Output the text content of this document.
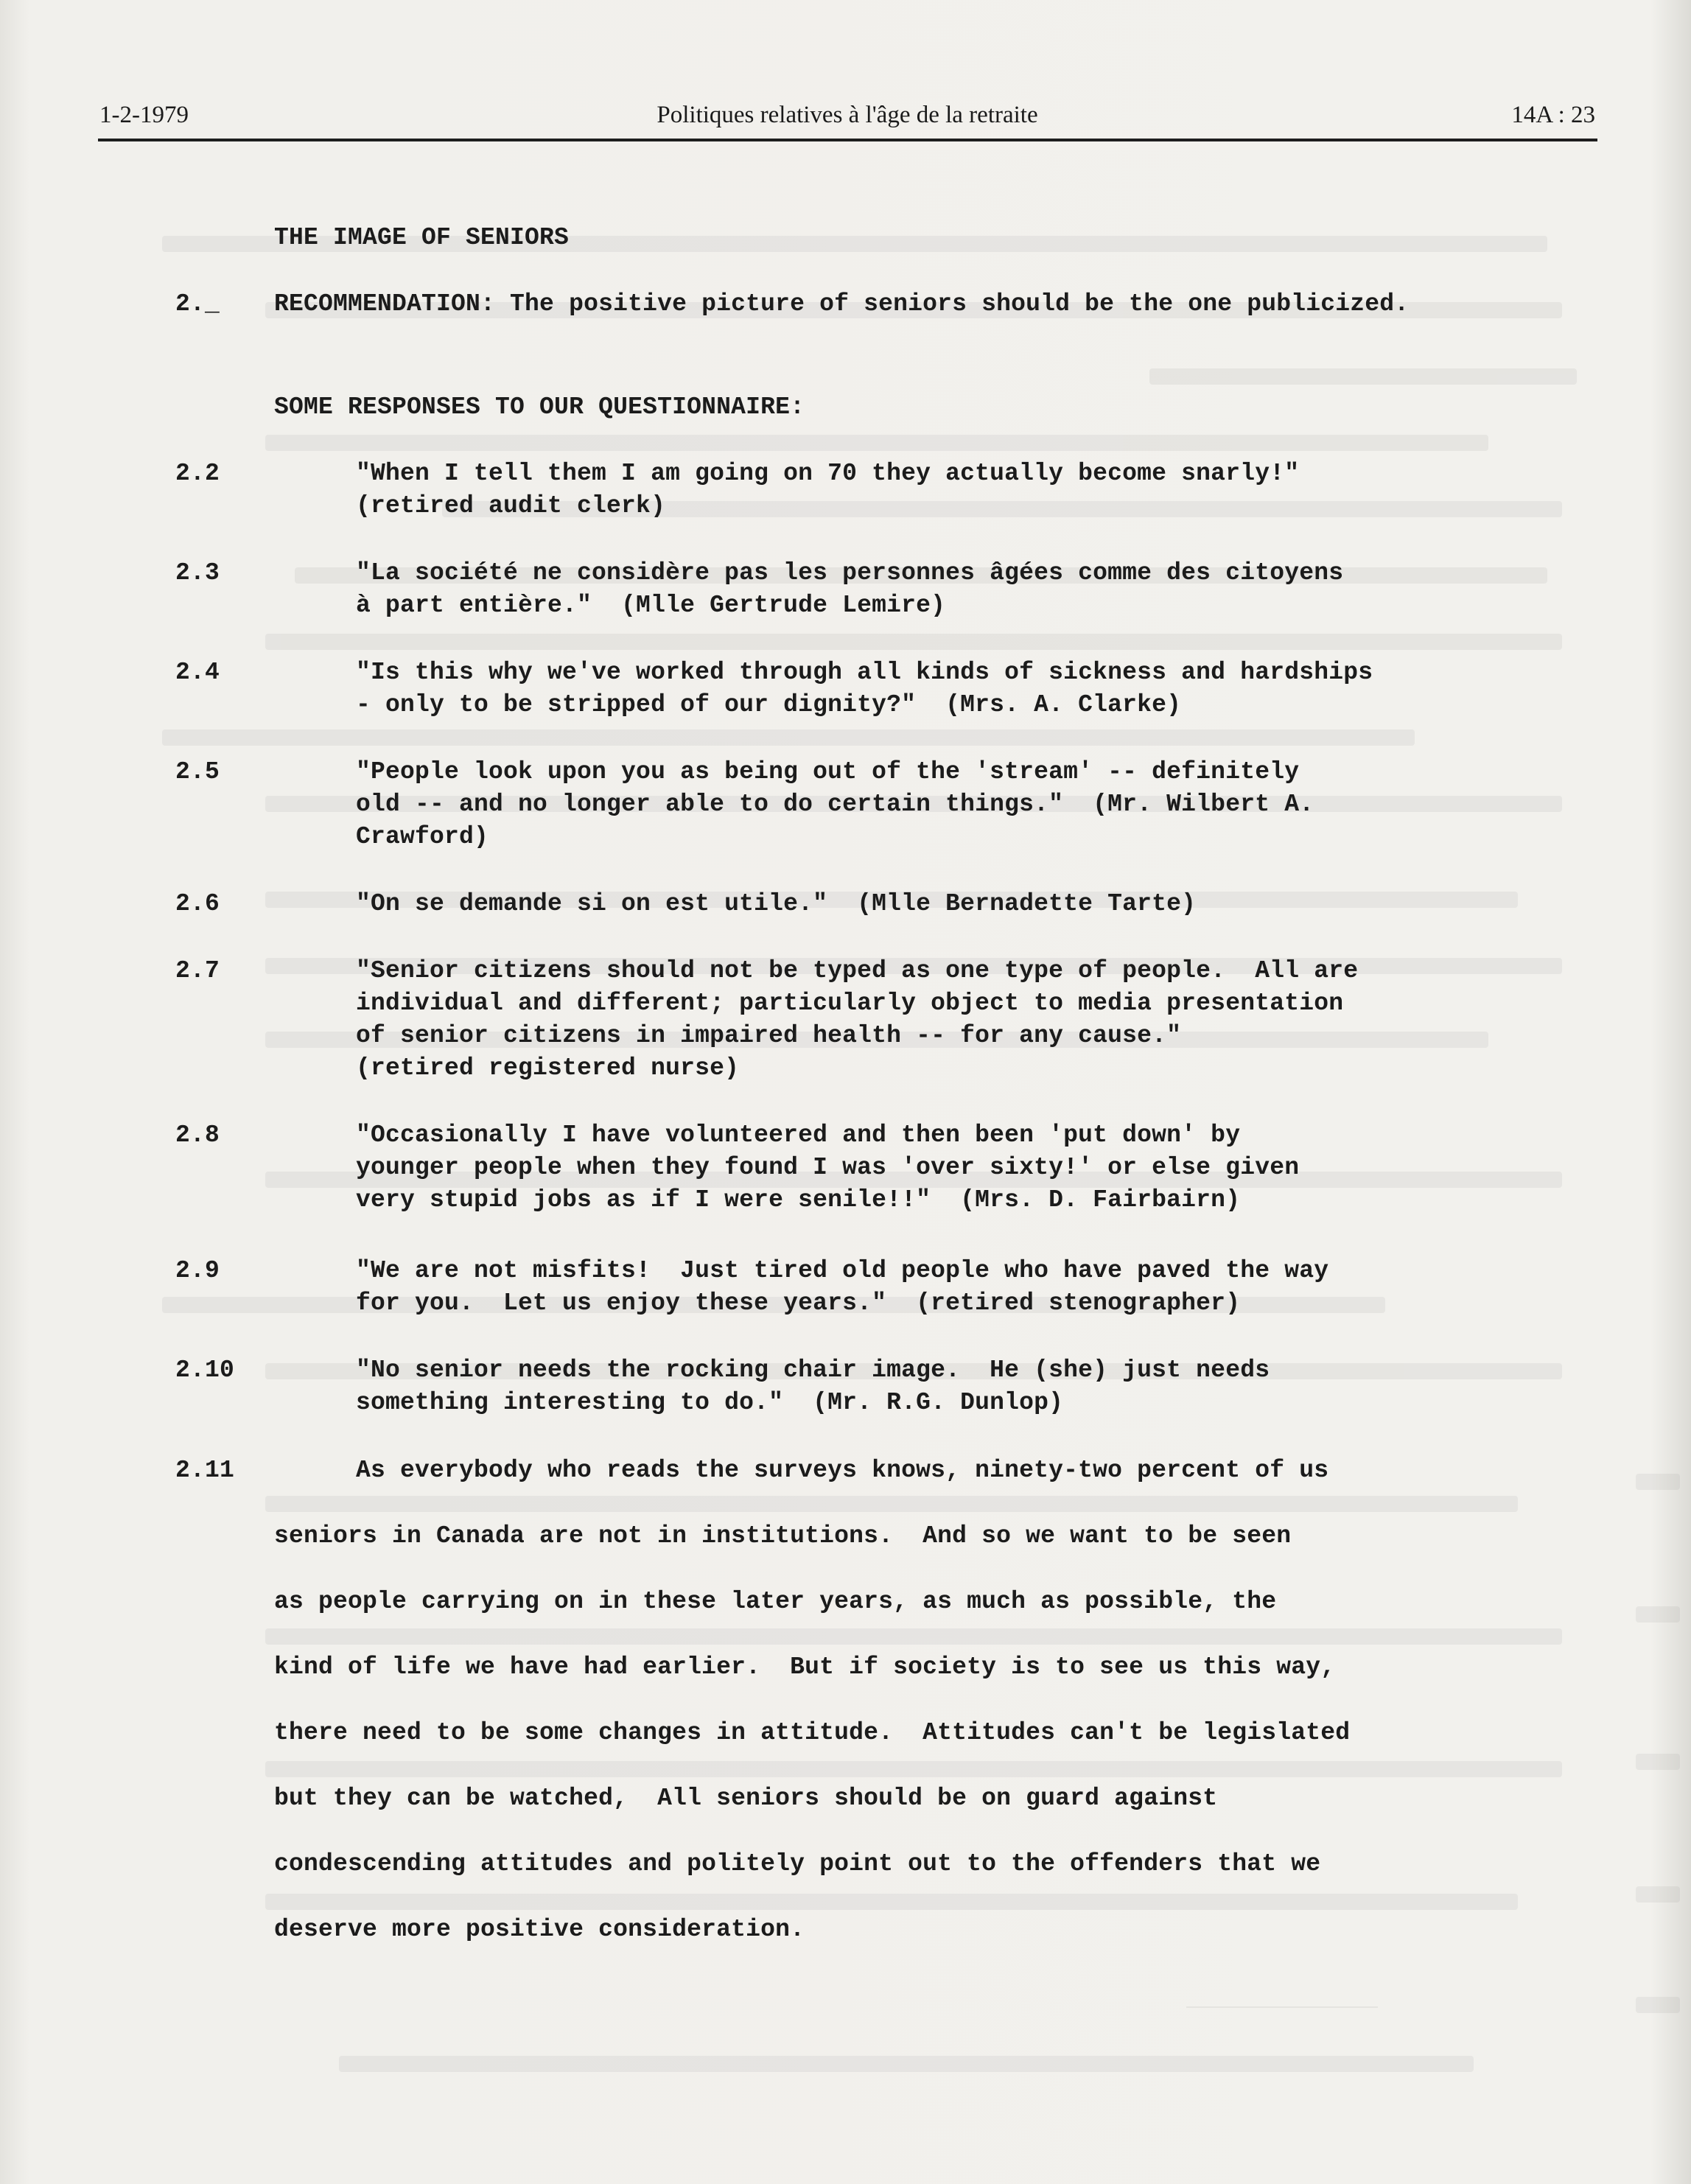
1-2-1979	Politiques relatives à l'âge de la retraite	14A : 23
THE IMAGE OF SENIORS
2._ RECOMMENDATION: The positive picture of seniors should be the one publicized.
SOME RESPONSES TO OUR QUESTIONNAIRE:
2.2	"When I tell them I am going on 70 they actually become snarly!"
(retired audit clerk)
2.3	"La société ne considère pas les personnes âgées comme des citoyens
à part entière."  (Mlle Gertrude Lemire)
2.4	"Is this why we've worked through all kinds of sickness and hardships
- only to be stripped of our dignity?"  (Mrs. A. Clarke)
2.5	"People look upon you as being out of the 'stream' -- definitely
old -- and no longer able to do certain things."  (Mr. Wilbert A.
Crawford)
2.6	"On se demande si on est utile."  (Mlle Bernadette Tarte)
2.7	"Senior citizens should not be typed as one type of people.  All are
individual and different; particularly object to media presentation
of senior citizens in impaired health -- for any cause."
(retired registered nurse)
2.8	"Occasionally I have volunteered and then been 'put down' by
younger people when they found I was 'over sixty!' or else given
very stupid jobs as if I were senile!!"  (Mrs. D. Fairbairn)
2.9	"We are not misfits!  Just tired old people who have paved the way
for you.  Let us enjoy these years."  (retired stenographer)
2.10	"No senior needs the rocking chair image.  He (she) just needs
something interesting to do."  (Mr. R.G. Dunlop)
2.11	As everybody who reads the surveys knows, ninety-two percent of us
seniors in Canada are not in institutions.  And so we want to be seen
as people carrying on in these later years, as much as possible, the
kind of life we have had earlier.  But if society is to see us this way,
there need to be some changes in attitude.  Attitudes can't be legislated
but they can be watched,  All seniors should be on guard against
condescending attitudes and politely point out to the offenders that we
deserve more positive consideration.
